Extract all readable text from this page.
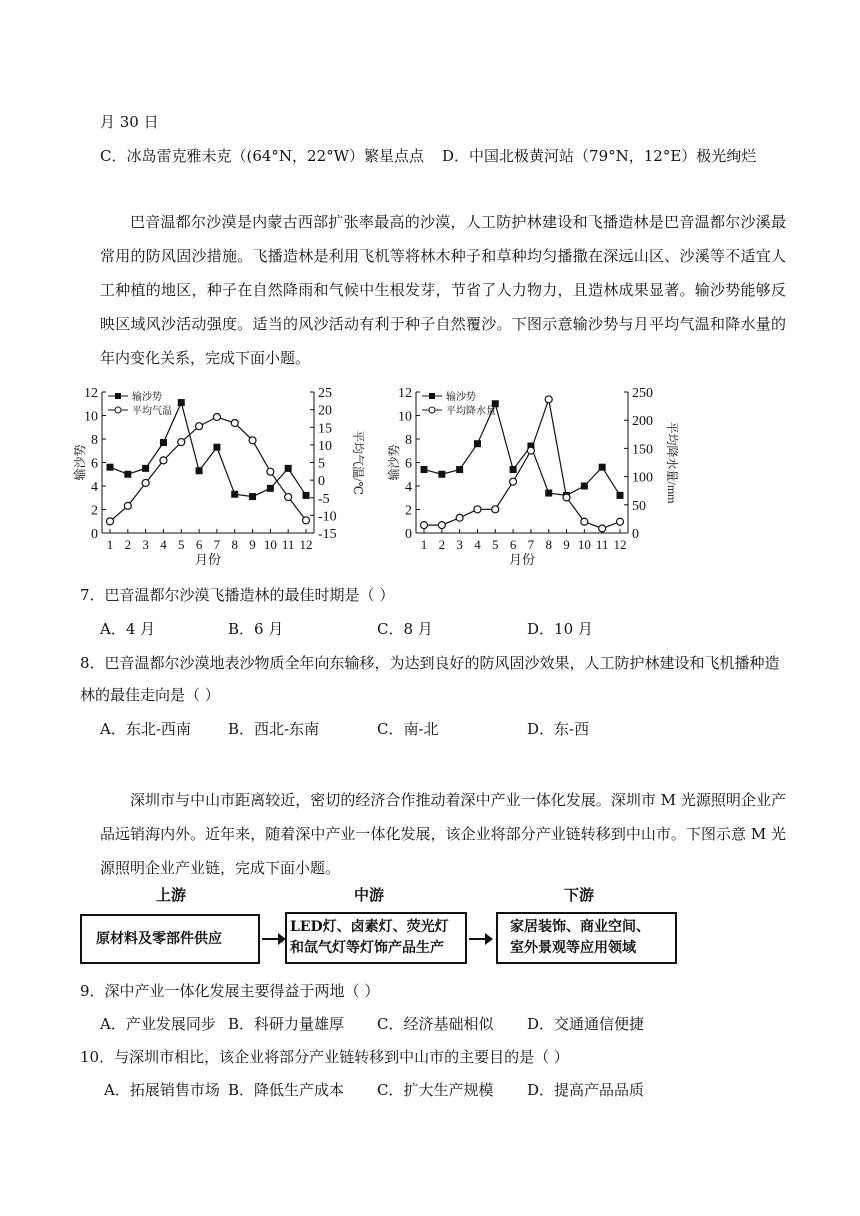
月 30 日
C．冰岛雷克雅未克（(64°N，22°W）繁星点点 D．中国北极黄河站（79°N，12°E）极光绚烂
巴音温都尔沙漠是内蒙古西部扩张率最高的沙漠，人工防护林建设和飞播造林是巴音温都尔沙溪最常用的防风固沙措施。飞播造林是利用飞机等将林木种子和草种均匀播撒在深远山区、沙溪等不适宜人工种植的地区，种子在自然降雨和气候中生根发芽，节省了人力物力，且造林成果显著。输沙势能够反映区域风沙活动强度。适当的风沙活动有利于种子自然覆沙。下图示意输沙势与月平均气温和降水量的年内变化关系，完成下面小题。
0
2
4
6
8
10
12
-15
-10
-5
0
5
10
15
20
25
1 2 3 4 5 6 7 8 9 10 11 12
月份
输沙势	平均气温/℃
输沙势
平均气温
0
2
4
6
8
10
12
0
50
100
150
200
250
1 2 3 4 5 6 7 8 9 10 11 12
月份
输沙势	平均降水量/mm
输沙势
平均降水量
7．巴音温都尔沙漠飞播造林的最佳时期是（ ）
A．4 月	B．6 月	C．8 月	D．10 月
8．巴音温都尔沙漠地表沙物质全年向东输移，为达到良好的防风固沙效果，人工防护林建设和飞机播种造
林的最佳走向是（ ）
A．东北-西南 B．西北-东南	C．南-北	D．东-西
深圳市与中山市距离较近，密切的经济合作推动着深中产业一体化发展。深圳市 M 光源照明企业产品远销海内外。近年来，随着深中产业一体化发展，该企业将部分产业链转移到中山市。下图示意 M 光源照明企业产业链，完成下面小题。
上游	中游	下游
原材料及零部件供应
LED灯、卤素灯、荧光灯
和氙气灯等灯饰产品生产
家居装饰、商业空间、
室外景观等应用领域
9．深中产业一体化发展主要得益于两地（ ）
A．产业发展同步 B．科研力量雄厚 C．经济基础相似 D．交通通信便捷
10．与深圳市相比，该企业将部分产业链转移到中山市的主要目的是（ ）
A．拓展销售市场 B．降低生产成本 C．扩大生产规模 D．提高产品品质
